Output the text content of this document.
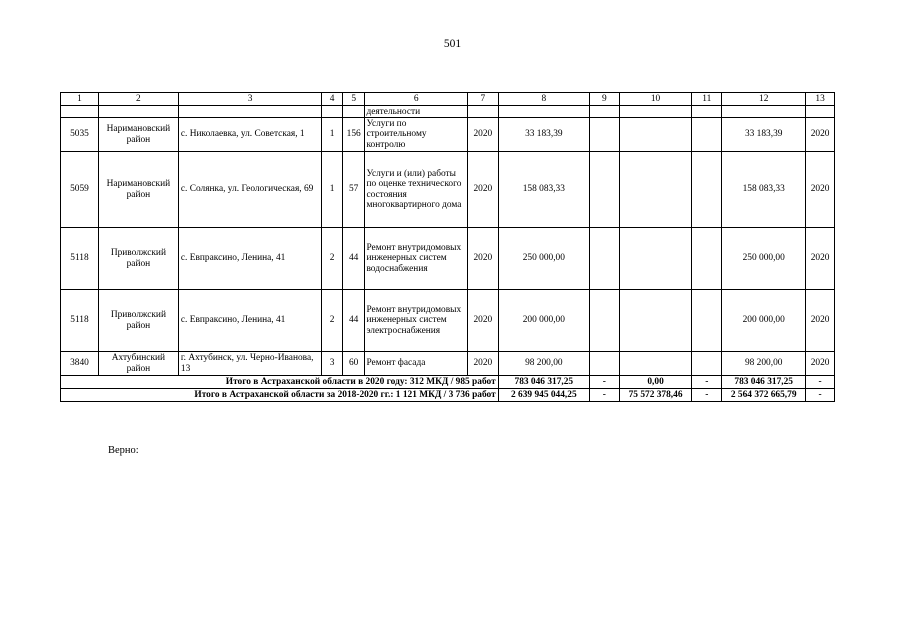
501
1	2	3	4	5	6	7	8	9	10	11	12	13
					деятельности							
5035	Наримановский район	с. Николаевка, ул. Советская, 1	1	156	Услуги по строительному контролю	2020	33 183,39				33 183,39	2020
5059	Наримановский район	с. Солянка, ул. Геологическая, 69	1	57	Услуги и (или) работы по оценке технического состояния многоквартирного дома	2020	158 083,33				158 083,33	2020
5118	Приволжский район	с. Евпраксино, Ленина, 41	2	44	Ремонт внутридомовых инженерных систем водоснабжения	2020	250 000,00				250 000,00	2020
5118	Приволжский район	с. Евпраксино, Ленина, 41	2	44	Ремонт внутридомовых инженерных систем электроснабжения	2020	200 000,00				200 000,00	2020
3840	Ахтубинский район	г. Ахтубинск, ул. Черно-Иванова, 13	3	60	Ремонт фасада	2020	98 200,00				98 200,00	2020
Итого в Астраханской области в 2020 году: 312 МКД / 985 работ							783 046 317,25	-	0,00	-	783 046 317,25	-
Итого в Астраханской области за 2018-2020 гг.: 1 121 МКД / 3 736 работ							2 639 945 044,25	-	75 572 378,46	-	2 564 372 665,79	-
Верно:
